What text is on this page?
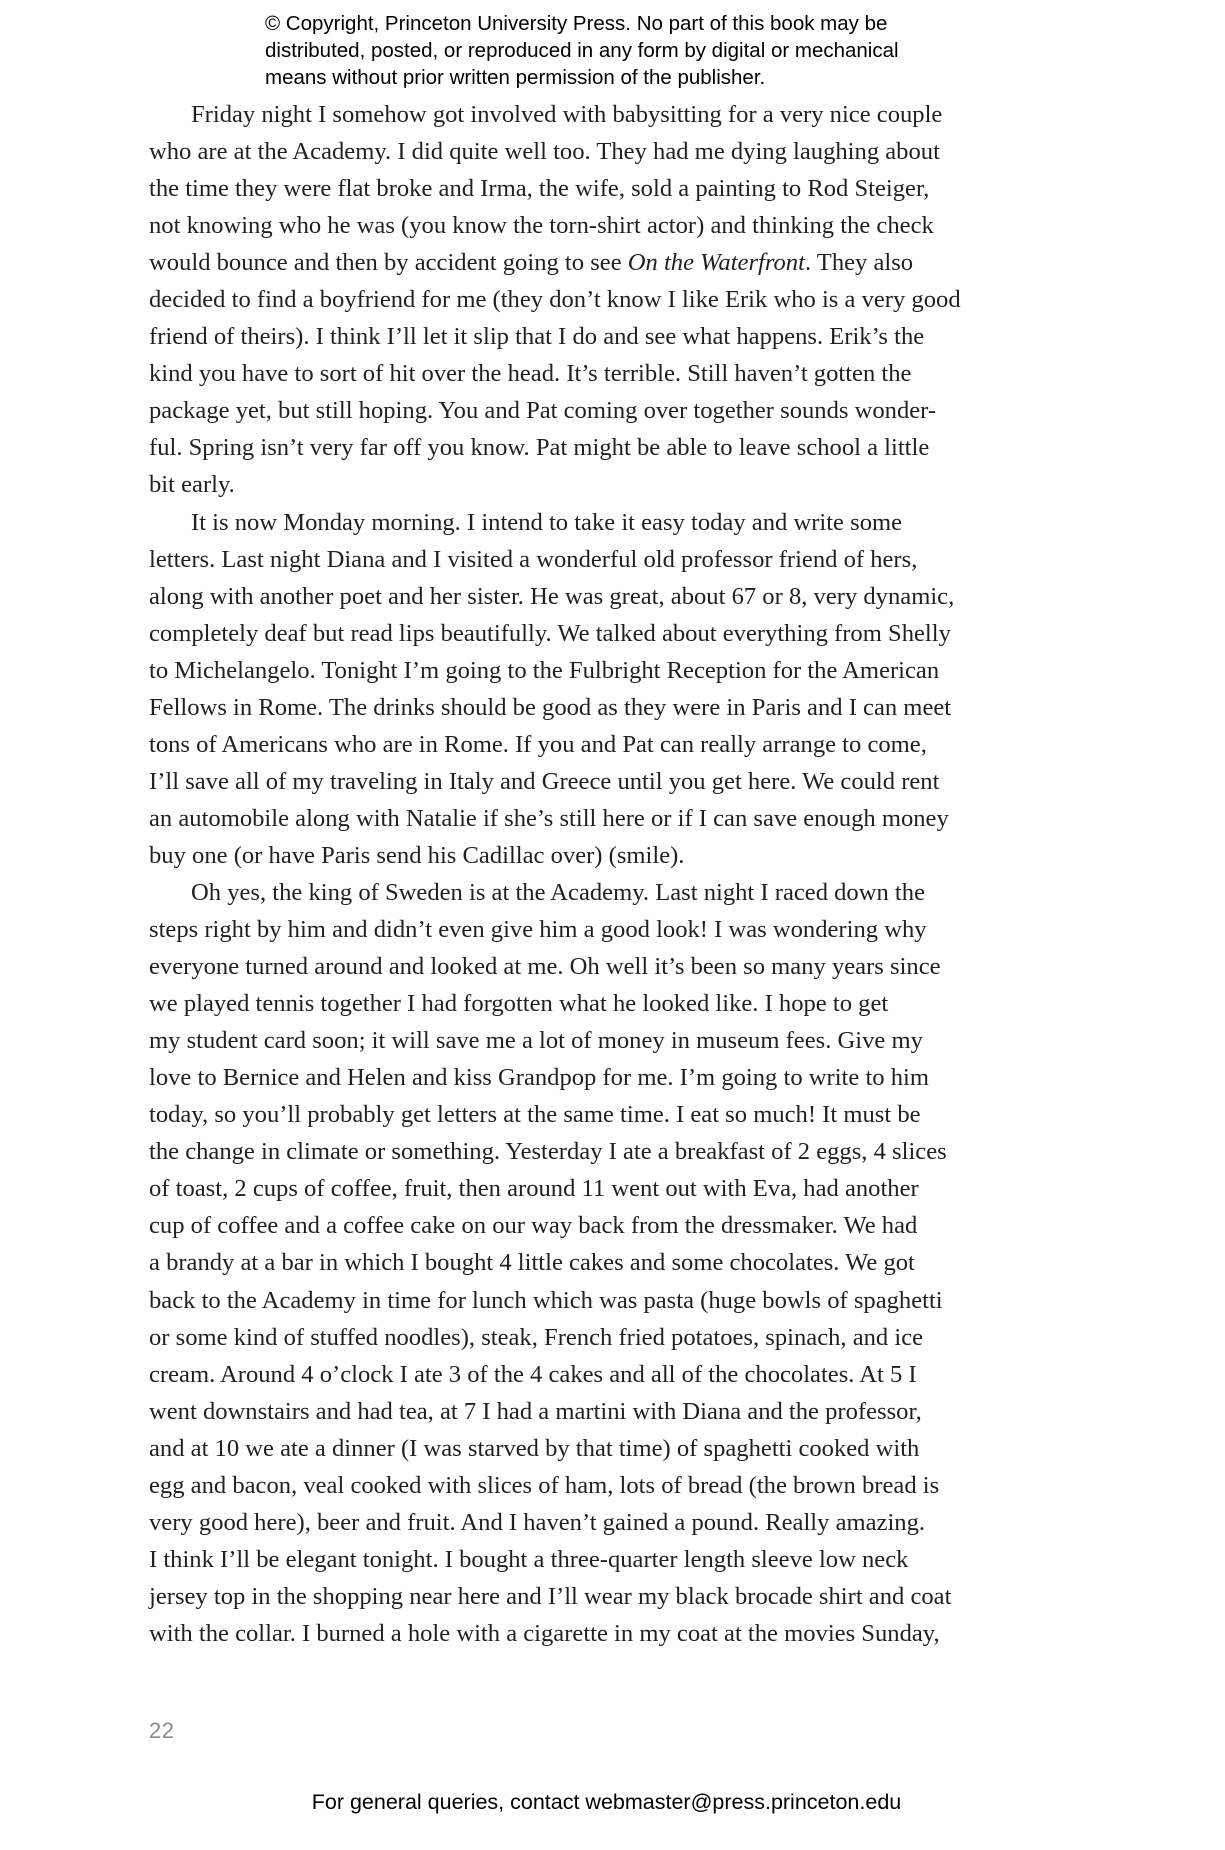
© Copyright, Princeton University Press. No part of this book may be
distributed, posted, or reproduced in any form by digital or mechanical
means without prior written permission of the publisher.
Friday night I somehow got involved with babysitting for a very nice couple
who are at the Academy. I did quite well too. They had me dying laughing about
the time they were flat broke and Irma, the wife, sold a painting to Rod Steiger,
not knowing who he was (you know the torn-shirt actor) and thinking the check
would bounce and then by accident going to see On the Waterfront. They also
decided to find a boyfriend for me (they don’t know I like Erik who is a very good
friend of theirs). I think I’ll let it slip that I do and see what happens. Erik’s the
kind you have to sort of hit over the head. It’s terrible. Still haven’t gotten the
package yet, but still hoping. You and Pat coming over together sounds wonder-
ful. Spring isn’t very far off you know. Pat might be able to leave school a little
bit early.
It is now Monday morning. I intend to take it easy today and write some
letters. Last night Diana and I visited a wonderful old professor friend of hers,
along with another poet and her sister. He was great, about 67 or 8, very dynamic,
completely deaf but read lips beautifully. We talked about everything from Shelly
to Michelangelo. Tonight I’m going to the Fulbright Reception for the American
Fellows in Rome. The drinks should be good as they were in Paris and I can meet
tons of Americans who are in Rome. If you and Pat can really arrange to come,
I’ll save all of my traveling in Italy and Greece until you get here. We could rent
an automobile along with Natalie if she’s still here or if I can save enough money
buy one (or have Paris send his Cadillac over) (smile).
Oh yes, the king of Sweden is at the Academy. Last night I raced down the
steps right by him and didn’t even give him a good look! I was wondering why
everyone turned around and looked at me. Oh well it’s been so many years since
we played tennis together I had forgotten what he looked like. I hope to get
my student card soon; it will save me a lot of money in museum fees. Give my
love to Bernice and Helen and kiss Grandpop for me. I’m going to write to him
today, so you’ll probably get letters at the same time. I eat so much! It must be
the change in climate or something. Yesterday I ate a breakfast of 2 eggs, 4 slices
of toast, 2 cups of coffee, fruit, then around 11 went out with Eva, had another
cup of coffee and a coffee cake on our way back from the dressmaker. We had
a brandy at a bar in which I bought 4 little cakes and some chocolates. We got
back to the Academy in time for lunch which was pasta (huge bowls of spaghetti
or some kind of stuffed noodles), steak, French fried potatoes, spinach, and ice
cream. Around 4 o’clock I ate 3 of the 4 cakes and all of the chocolates. At 5 I
went downstairs and had tea, at 7 I had a martini with Diana and the professor,
and at 10 we ate a dinner (I was starved by that time) of spaghetti cooked with
egg and bacon, veal cooked with slices of ham, lots of bread (the brown bread is
very good here), beer and fruit. And I haven’t gained a pound. Really amazing.
I think I’ll be elegant tonight. I bought a three-quarter length sleeve low neck
jersey top in the shopping near here and I’ll wear my black brocade shirt and coat
with the collar. I burned a hole with a cigarette in my coat at the movies Sunday,
22
For general queries, contact webmaster@press.princeton.edu
